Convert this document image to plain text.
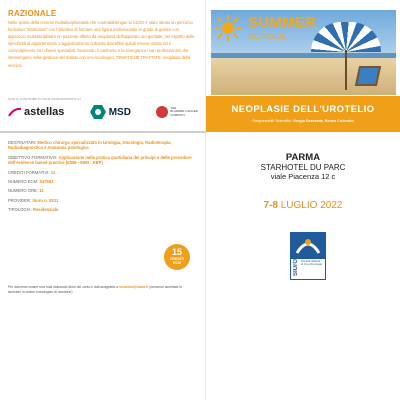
RAZIONALE
Nello spirito della recente multidisciplinarietà che contraddistingue la SIUrO è stato ideato un percorso formativo "strutturato" con l'obiettivo di formare una figura professionale in grado di gestire con approccio multidisciplinare un paziente affetto da neoplasia dell'apparato uro-genitale, nel rispetto delle specificità di appartenenza. L'aggiornamento culturale dovrebbe quindi essere mirato ed il coinvolgimento tra i diversi specialisti, favorendo il confronto e la sinergia tra i vari professionisti che intervengono nella gestione del malato con uro-oncologico. TEMATICHE TRATTATE: neoplasia della vescica
CON IL CONTRIBUTO NON CONDIZIONATO DI
astellas	MSD	THE
BLADDER CANCER
COMPANY
DESTINATARI: Medico chirurgo specializzato in Urologia, Oncologia, Radioterapia, Radiodiagnostica e Anatomia patologica
OBIETTIVO FORMATIVO: Applicazione nella pratica quotidiana dei principi e delle procedure dell'evidence based practice (EBM - EBN - EBP)
CREDITI FORMATIVI: 11
NUMERO ECM: 347592
NUMERO ORE: 11
PROVIDER: Siuro n. 5231
TIPOLOGIA: Residenziale
15
CREDITI
ECM
Per iscriversi inviare una mail indicando titolo del corso e dati anagrafici a iscrizioni@siuro.it (verranno accettate le iscrizioni in ordine cronologico di ricezione)
SUMMER
SCHOOL
NEOPLASIE DELL'UROTELIO
Responsabili Scientifici: Sergio Bracarda, Renzo Colombo
PARMA
STARHOTEL DU PARC
viale Piacenza 12 c
7-8 LUGLIO 2022
SIUrO Società Italiana
di Uro-Oncologia
